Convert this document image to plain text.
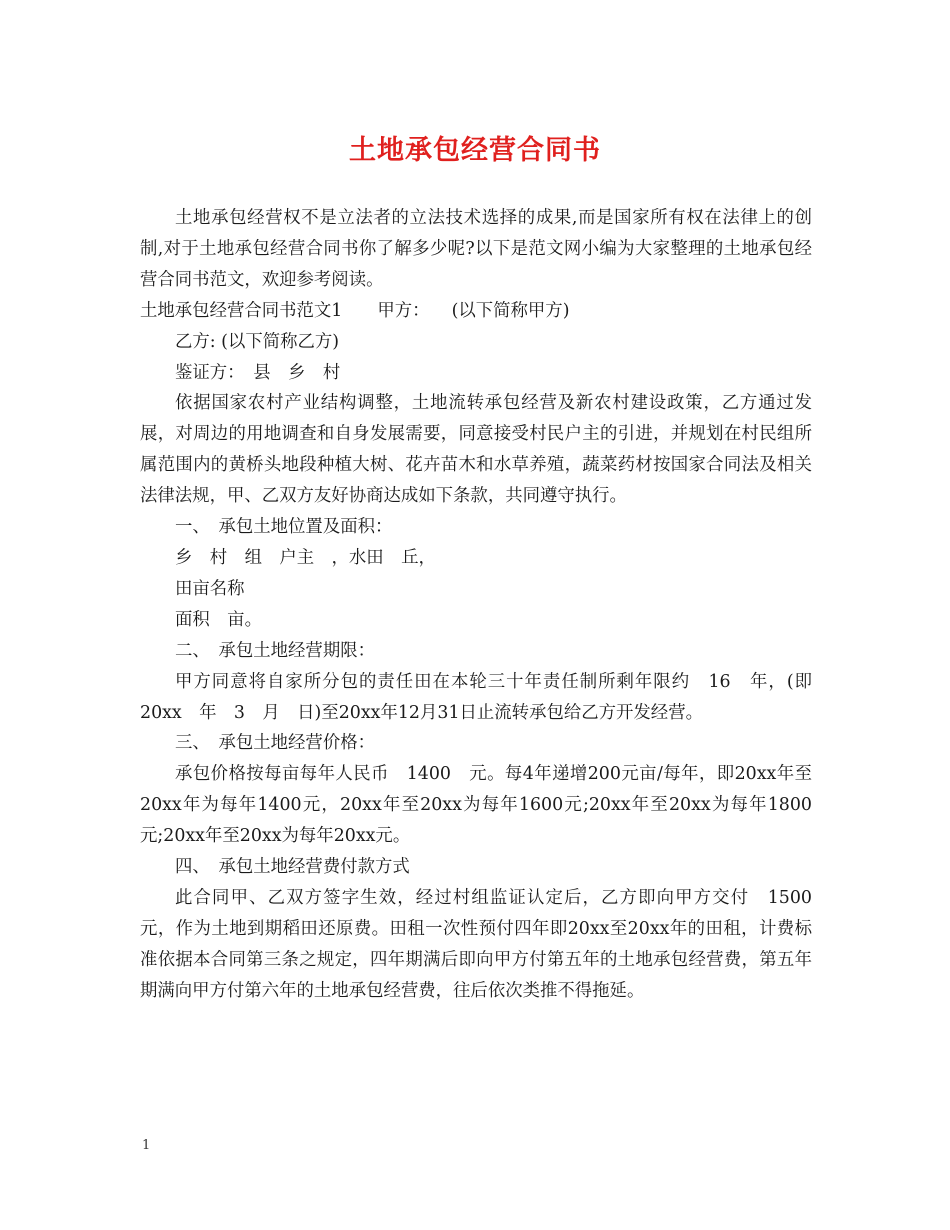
土地承包经营合同书

土地承包经营权不是立法者的立法技术选择的成果,而是国家所有权在法律上的创制,对于土地承包经营合同书你了解多少呢?以下是范文网小编为大家整理的土地承包经营合同书范文，欢迎参考阅读。

土地承包经营合同书范文1 甲方： (以下简称甲方)

乙方: (以下简称乙方)

鉴证方：　县　乡　村

依据国家农村产业结构调整，土地流转承包经营及新农村建设政策，乙方通过发展，对周边的用地调查和自身发展需要，同意接受村民户主的引进，并规划在村民组所属范围内的黄桥头地段种植大树、花卉苗木和水草养殖，蔬菜药材按国家合同法及相关法律法规，甲、乙双方友好协商达成如下条款，共同遵守执行。

一、　承包土地位置及面积：

乡　村　组　户主　，水田　丘，

田亩名称

面积　亩。

二、　承包土地经营期限：

甲方同意将自家所分包的责任田在本轮三十年责任制所剩年限约　16　年，(即20xx　年　3　月　日)至20xx年12月31日止流转承包给乙方开发经营。

三、　承包土地经营价格：

承包价格按每亩每年人民币　1400　元。每4年递增200元亩/每年，即20xx年至20xx年为每年1400元，20xx年至20xx为每年1600元;20xx年至20xx为每年1800元;20xx年至20xx为每年20xx元。

四、　承包土地经营费付款方式

此合同甲、乙双方签字生效，经过村组监证认定后，乙方即向甲方交付　1500　元，作为土地到期稻田还原费。田租一次性预付四年即20xx至20xx年的田租，计费标准依据本合同第三条之规定，四年期满后即向甲方付第五年的土地承包经营费，第五年期满向甲方付第六年的土地承包经营费，往后依次类推不得拖延。

1
